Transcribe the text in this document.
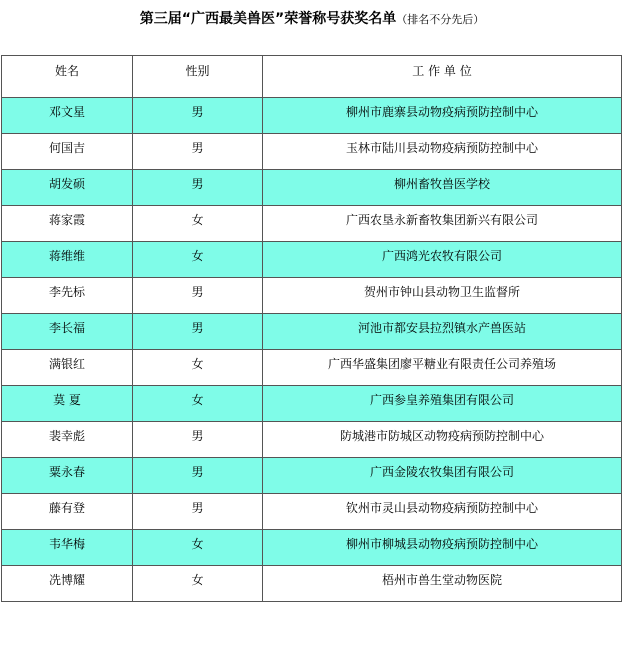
第三届“广西最美兽医”荣誉称号获奖名单（排名不分先后）
姓名	性别	工 作 单 位
邓文星	男	柳州市鹿寨县动物疫病预防控制中心
何国吉	男	玉林市陆川县动物疫病预防控制中心
胡发硕	男	柳州畜牧兽医学校
蒋家霞	女	广西农垦永新畜牧集团新兴有限公司
蒋维维	女	广西鸿光农牧有限公司
李先标	男	贺州市钟山县动物卫生监督所
李长福	男	河池市都安县拉烈镇水产兽医站
满银红	女	广西华盛集团廖平糖业有限责任公司养殖场
莫 夏	女	广西参皇养殖集团有限公司
裴幸彪	男	防城港市防城区动物疫病预防控制中心
粟永春	男	广西金陵农牧集团有限公司
藤有登	男	钦州市灵山县动物疫病预防控制中心
韦华梅	女	柳州市柳城县动物疫病预防控制中心
冼博耀	女	梧州市兽生堂动物医院
